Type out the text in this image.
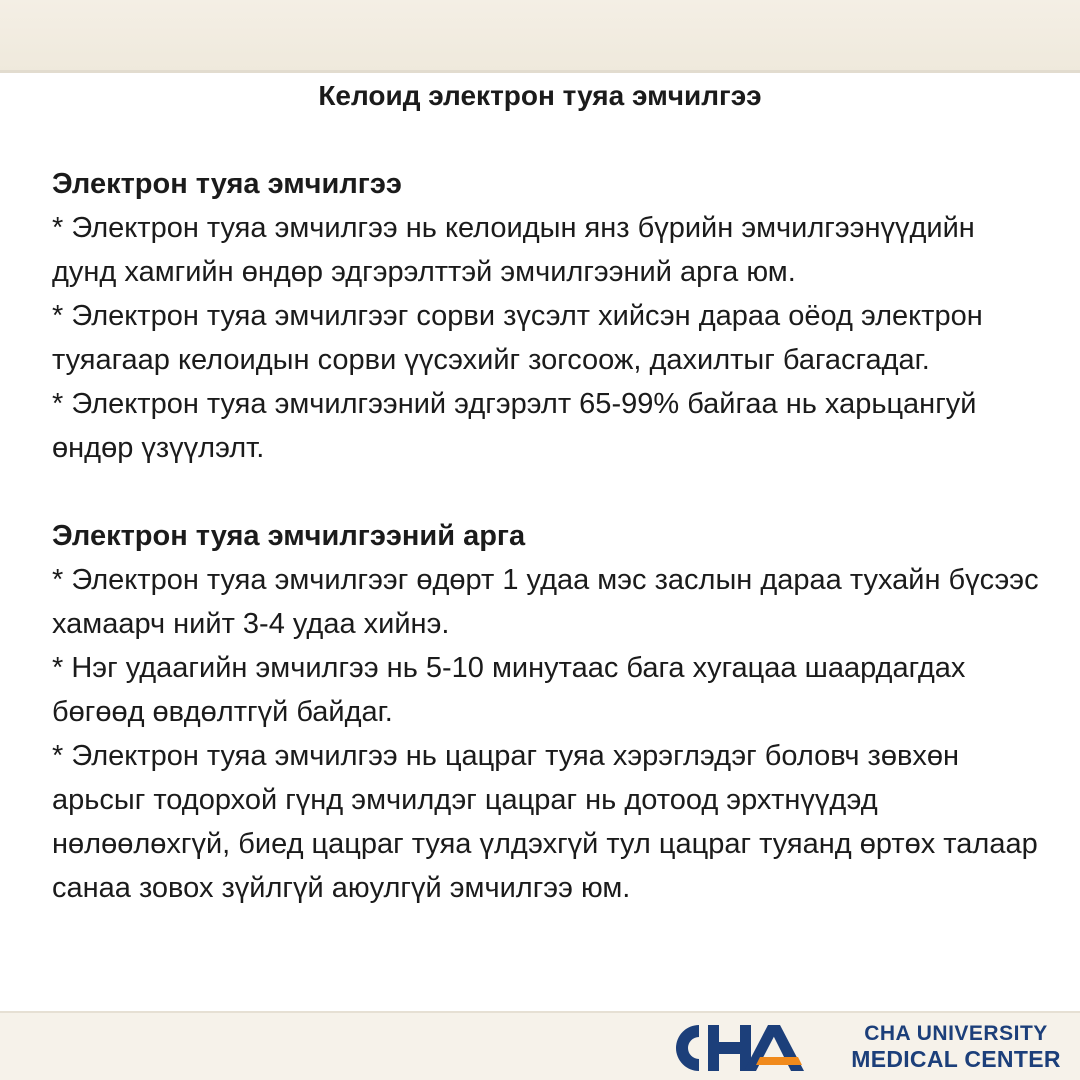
Келоид электрон туяа эмчилгээ
Электрон туяа эмчилгээ
* Электрон туяа эмчилгээ нь келоидын янз бүрийн эмчилгээнүүдийн дунд хамгийн өндөр эдгэрэлттэй эмчилгээний арга юм.
* Электрон туяа эмчилгээг сорви зүсэлт хийсэн дараа оёод электрон туяагаар келоидын сорви үүсэхийг зогсоож, дахилтыг багасгадаг.
* Электрон туяа эмчилгээний эдгэрэлт 65-99% байгаа нь харьцангуй өндөр үзүүлэлт.
Электрон туяа эмчилгээний арга
* Электрон туяа эмчилгээг өдөрт 1 удаа мэс заслын дараа тухайн бүсээс хамаарч нийт 3-4 удаа хийнэ.
* Нэг удаагийн эмчилгээ нь 5-10 минутаас бага хугацаа шаардагдах бөгөөд өвдөлтгүй байдаг.
* Электрон туяа эмчилгээ нь цацраг туяа хэрэглэдэг боловч зөвхөн арьсыг тодорхой гүнд эмчилдэг цацраг нь дотоод эрхтнүүдэд нөлөөлөхгүй, биед цацраг туяа үлдэхгүй тул цацраг туяанд өртөх талаар санаа зовох зүйлгүй аюулгүй эмчилгээ юм.
CHA UNIVERSITY
MEDICAL CENTER
